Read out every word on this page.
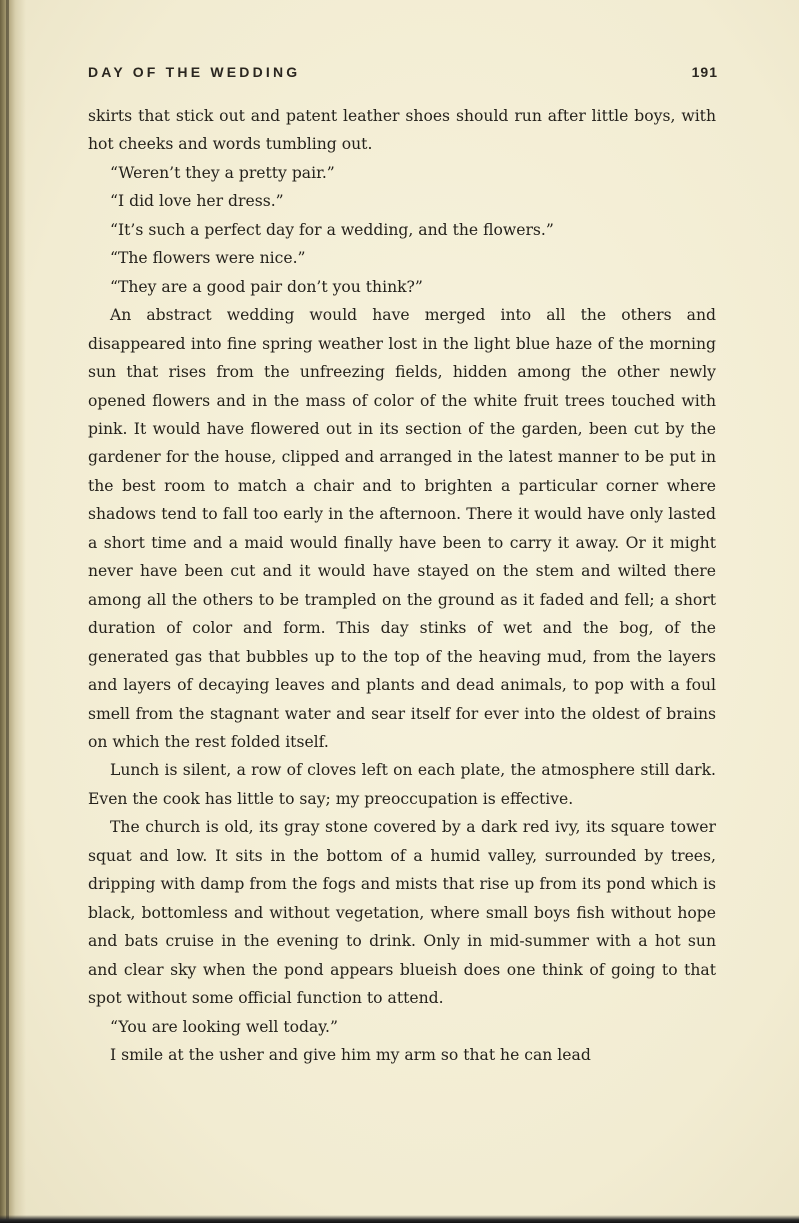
DAY OF THE WEDDING	191

skirts that stick out and patent leather shoes should run after little boys, with hot cheeks and words tumbling out.

“Weren’t they a pretty pair.”

“I did love her dress.”

“It’s such a perfect day for a wedding, and the flowers.”

“The flowers were nice.”

“They are a good pair don’t you think?”

An abstract wedding would have merged into all the others and disappeared into fine spring weather lost in the light blue haze of the morning sun that rises from the unfreezing fields, hidden among the other newly opened flowers and in the mass of color of the white fruit trees touched with pink. It would have flowered out in its section of the garden, been cut by the gardener for the house, clipped and arranged in the latest manner to be put in the best room to match a chair and to brighten a particular corner where shadows tend to fall too early in the afternoon. There it would have only lasted a short time and a maid would finally have been to carry it away. Or it might never have been cut and it would have stayed on the stem and wilted there among all the others to be trampled on the ground as it faded and fell; a short duration of color and form. This day stinks of wet and the bog, of the generated gas that bubbles up to the top of the heaving mud, from the layers and layers of decaying leaves and plants and dead animals, to pop with a foul smell from the stagnant water and sear itself for ever into the oldest of brains on which the rest folded itself.

Lunch is silent, a row of cloves left on each plate, the atmosphere still dark. Even the cook has little to say; my preoccupation is effective.

The church is old, its gray stone covered by a dark red ivy, its square tower squat and low. It sits in the bottom of a humid valley, surrounded by trees, dripping with damp from the fogs and mists that rise up from its pond which is black, bottomless and without vegetation, where small boys fish without hope and bats cruise in the evening to drink. Only in mid-summer with a hot sun and clear sky when the pond appears blueish does one think of going to that spot without some official function to attend.

“You are looking well today.”

I smile at the usher and give him my arm so that he can lead
